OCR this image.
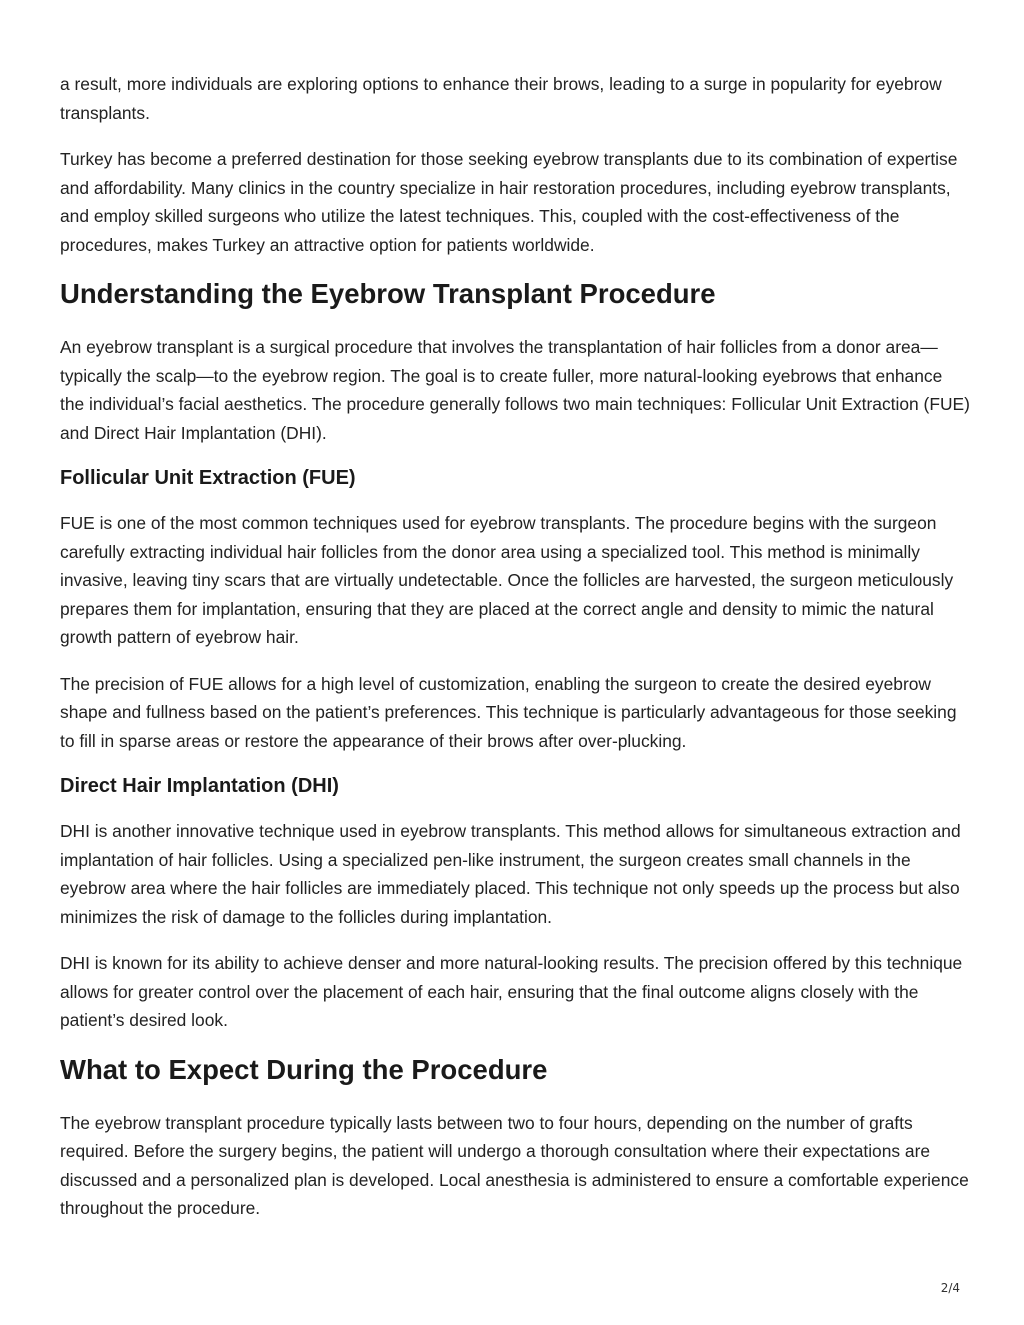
a result, more individuals are exploring options to enhance their brows, leading to a surge in popularity for eyebrow transplants.

Turkey has become a preferred destination for those seeking eyebrow transplants due to its combination of expertise and affordability. Many clinics in the country specialize in hair restoration procedures, including eyebrow transplants, and employ skilled surgeons who utilize the latest techniques. This, coupled with the cost-effectiveness of the procedures, makes Turkey an attractive option for patients worldwide.

Understanding the Eyebrow Transplant Procedure

An eyebrow transplant is a surgical procedure that involves the transplantation of hair follicles from a donor area—typically the scalp—to the eyebrow region. The goal is to create fuller, more natural-looking eyebrows that enhance the individual’s facial aesthetics. The procedure generally follows two main techniques: Follicular Unit Extraction (FUE) and Direct Hair Implantation (DHI).

Follicular Unit Extraction (FUE)

FUE is one of the most common techniques used for eyebrow transplants. The procedure begins with the surgeon carefully extracting individual hair follicles from the donor area using a specialized tool. This method is minimally invasive, leaving tiny scars that are virtually undetectable. Once the follicles are harvested, the surgeon meticulously prepares them for implantation, ensuring that they are placed at the correct angle and density to mimic the natural growth pattern of eyebrow hair.

The precision of FUE allows for a high level of customization, enabling the surgeon to create the desired eyebrow shape and fullness based on the patient’s preferences. This technique is particularly advantageous for those seeking to fill in sparse areas or restore the appearance of their brows after over-plucking.

Direct Hair Implantation (DHI)

DHI is another innovative technique used in eyebrow transplants. This method allows for simultaneous extraction and implantation of hair follicles. Using a specialized pen-like instrument, the surgeon creates small channels in the eyebrow area where the hair follicles are immediately placed. This technique not only speeds up the process but also minimizes the risk of damage to the follicles during implantation.

DHI is known for its ability to achieve denser and more natural-looking results. The precision offered by this technique allows for greater control over the placement of each hair, ensuring that the final outcome aligns closely with the patient’s desired look.

What to Expect During the Procedure

The eyebrow transplant procedure typically lasts between two to four hours, depending on the number of grafts required. Before the surgery begins, the patient will undergo a thorough consultation where their expectations are discussed and a personalized plan is developed. Local anesthesia is administered to ensure a comfortable experience throughout the procedure.

2/4
